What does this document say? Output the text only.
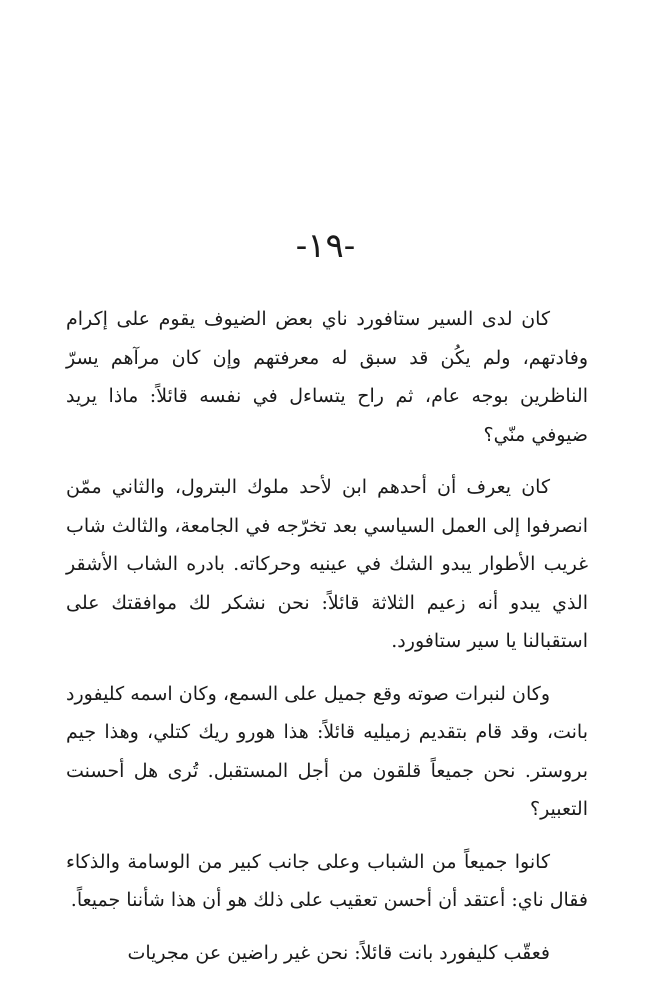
-١٩-

كان لدى السير ستافورد ناي بعض الضيوف يقوم على إكرام وفادتهم، ولم يكُن قد سبق له معرفتهم وإن كان مرآهم يسرّ الناظرين بوجه عام، ثم راح يتساءل في نفسه قائلاً: ماذا يريد ضيوفي منّي؟

كان يعرف أن أحدهم ابن لأحد ملوك البترول، والثاني ممّن انصرفوا إلى العمل السياسي بعد تخرّجه في الجامعة، والثالث شاب غريب الأطوار يبدو الشك في عينيه وحركاته. بادره الشاب الأشقر الذي يبدو أنه زعيم الثلاثة قائلاً: نحن نشكر لك موافقتك على استقبالنا يا سير ستافورد.

وكان لنبرات صوته وقع جميل على السمع، وكان اسمه كليفورد بانت، وقد قام بتقديم زميليه قائلاً: هذا هورو ريك كتلي، وهذا جيم بروستر. نحن جميعاً قلقون من أجل المستقبل. تُرى هل أحسنت التعبير؟

كانوا جميعاً من الشباب وعلى جانب كبير من الوسامة والذكاء فقال ناي: أعتقد أن أحسن تعقيب على ذلك هو أن هذا شأننا جميعاً.

فعقّب كليفورد بانت قائلاً: نحن غير راضين عن مجريات
